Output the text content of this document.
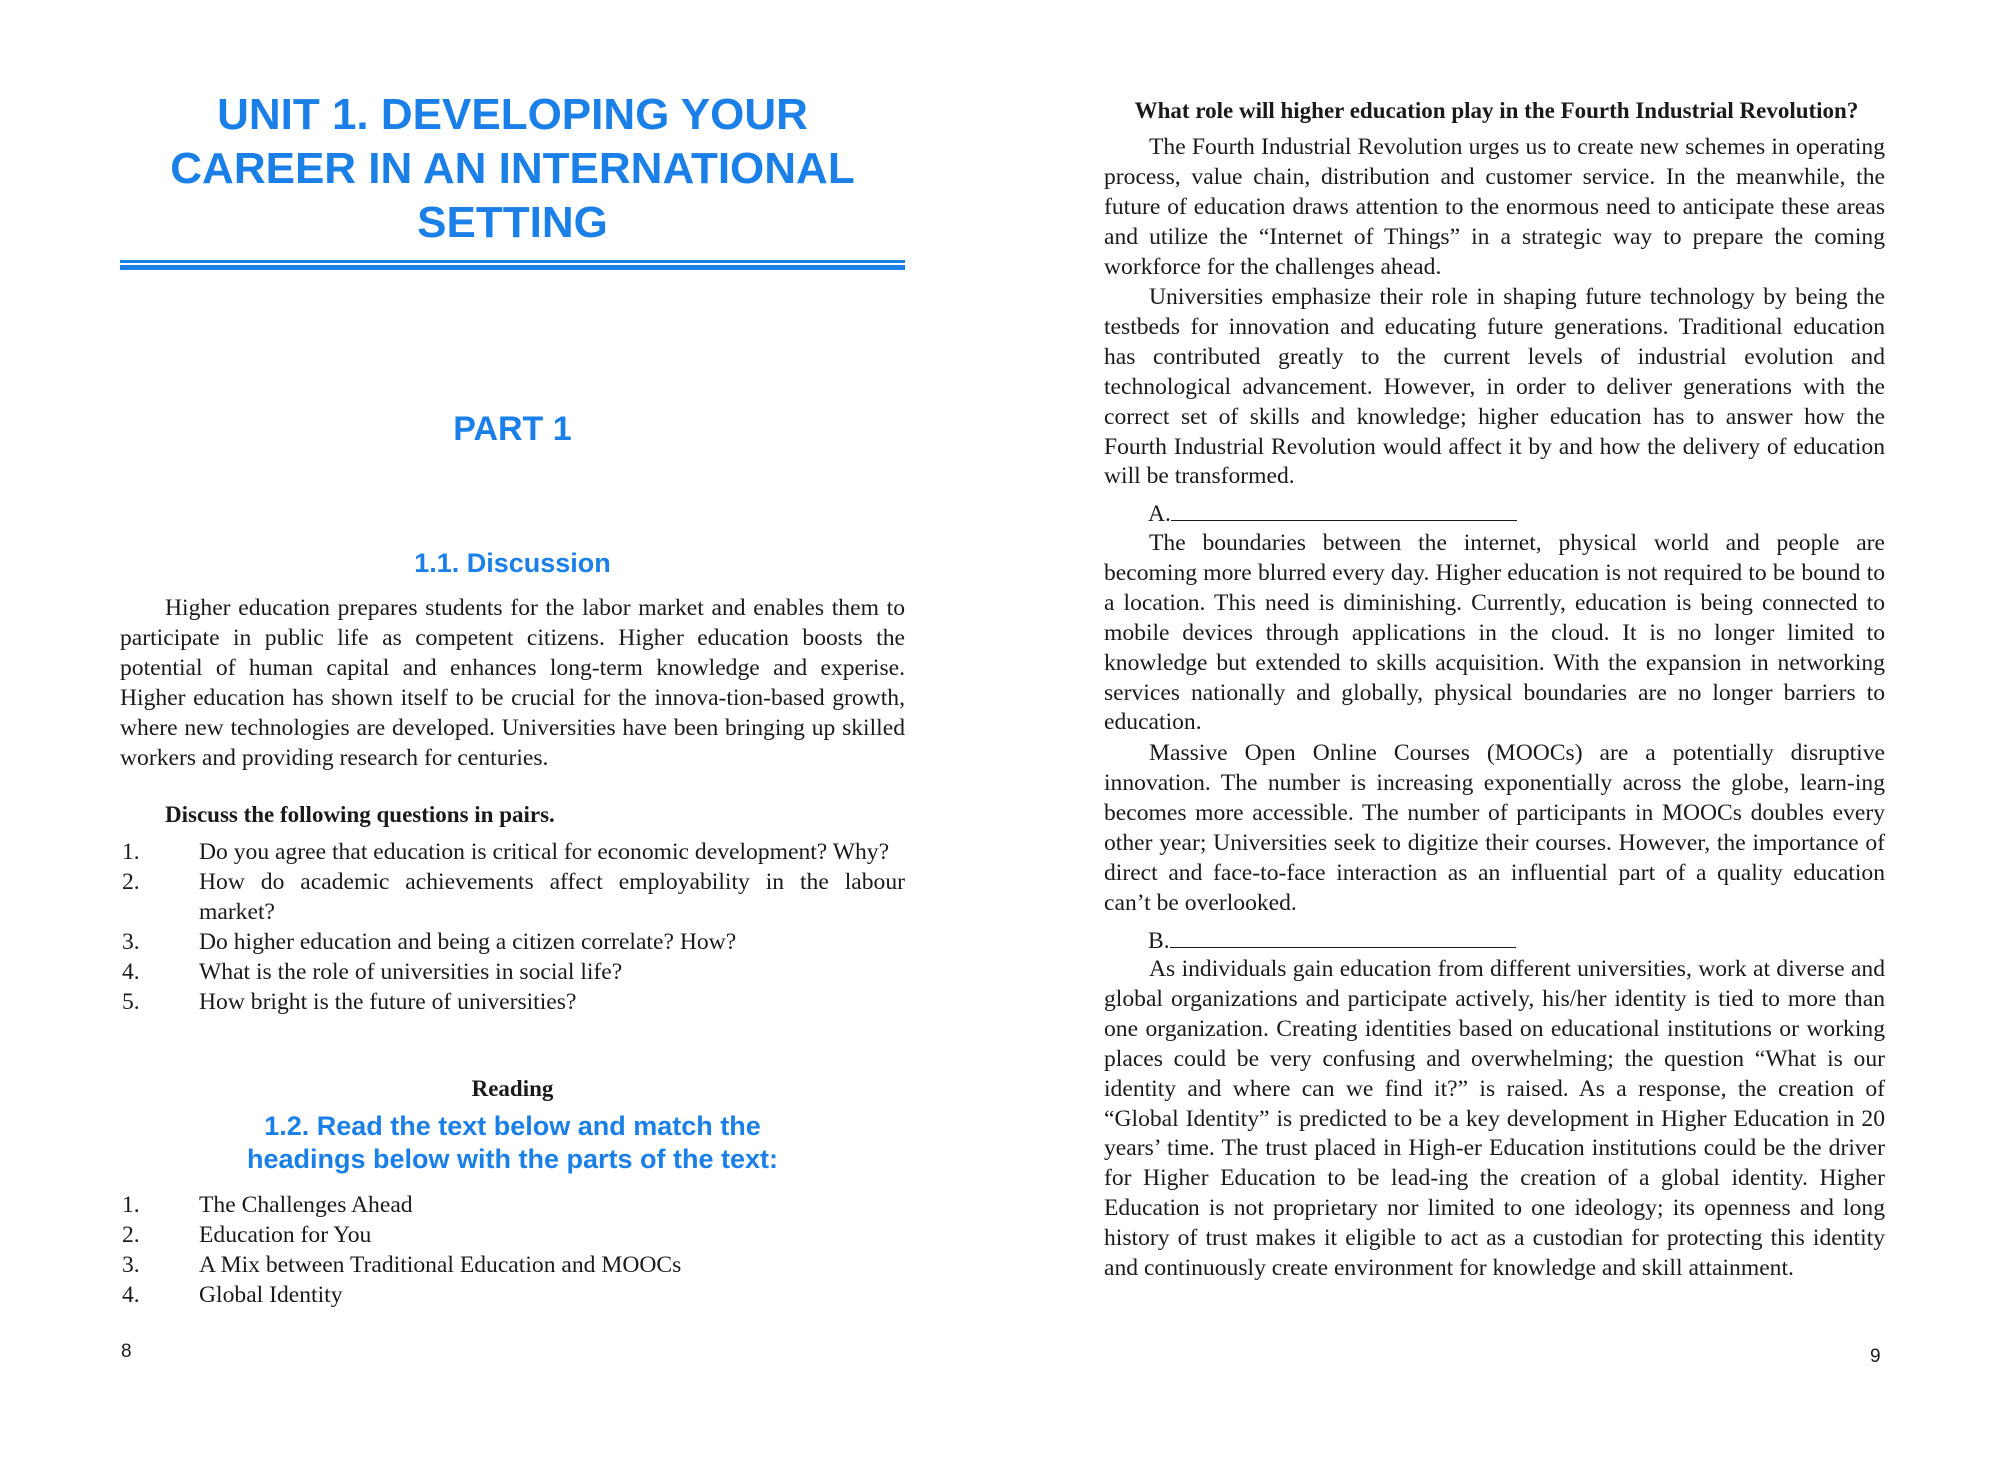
UNIT 1. DEVELOPING YOUR CAREER IN AN INTERNATIONAL SETTING
PART 1
1.1. Discussion
Higher education prepares students for the labor market and enables them to participate in public life as competent citizens. Higher education boosts the potential of human capital and enhances long-term knowledge and experise. Higher education has shown itself to be crucial for the innova-tion-based growth, where new technologies are developed. Universities have been bringing up skilled workers and providing research for centuries.
Discuss the following questions in pairs.
1.	Do you agree that education is critical for economic development? Why?
2.	How do academic achievements affect employability in the labour market?
3.	Do higher education and being a citizen correlate? How?
4.	What is the role of universities in social life?
5.	How bright is the future of universities?
Reading
1.2. Read the text below and match the headings below with the parts of the text:
1.	The Challenges Ahead
2.	Education for You
3.	A Mix between Traditional Education and MOOCs
4.	Global Identity
8
What role will higher education play in the Fourth Industrial Revolution?
The Fourth Industrial Revolution urges us to create new schemes in operating process, value chain, distribution and customer service. In the meanwhile, the future of education draws attention to the enormous need to anticipate these areas and utilize the “Internet of Things” in a strategic way to prepare the coming workforce for the challenges ahead.
Universities emphasize their role in shaping future technology by being the testbeds for innovation and educating future generations. Traditional education has contributed greatly to the current levels of industrial evolution and technological advancement. However, in order to deliver generations with the correct set of skills and knowledge; higher education has to answer how the Fourth Industrial Revolution would affect it by and how the delivery of education will be transformed.
A.
The boundaries between the internet, physical world and people are becoming more blurred every day. Higher education is not required to be bound to a location. This need is diminishing. Currently, education is being connected to mobile devices through applications in the cloud. It is no longer limited to knowledge but extended to skills acquisition. With the expansion in networking services nationally and globally, physical boundaries are no longer barriers to education.
Massive Open Online Courses (MOOCs) are a potentially disruptive innovation. The number is increasing exponentially across the globe, learn-ing becomes more accessible. The number of participants in MOOCs doubles every other year; Universities seek to digitize their courses. However, the importance of direct and face-to-face interaction as an influential part of a quality education can’t be overlooked.
B.
As individuals gain education from different universities, work at diverse and global organizations and participate actively, his/her identity is tied to more than one organization. Creating identities based on educational institutions or working places could be very confusing and overwhelming; the question “What is our identity and where can we find it?” is raised. As a response, the creation of “Global Identity” is predicted to be a key development in Higher Education in 20 years’ time. The trust placed in High-er Education institutions could be the driver for Higher Education to be lead-ing the creation of a global identity. Higher Education is not proprietary nor limited to one ideology; its openness and long history of trust makes it eligible to act as a custodian for protecting this identity and continuously create environment for knowledge and skill attainment.
9
